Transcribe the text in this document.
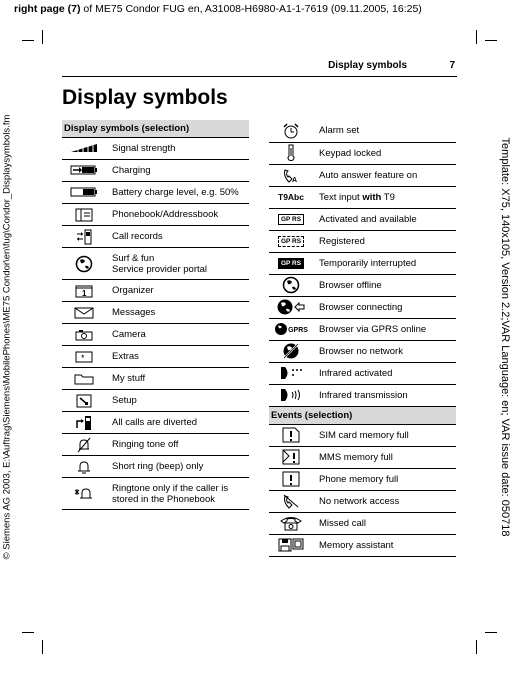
right page (7) of ME75 Condor FUG en, A31008-H6980-A1-1-7619 (09.11.2005, 16:25)
© Siemens AG 2003, E:\Auftrag\Siemens\MobilePhones\ME75 Condor\en\fug\Condor_Displaysymbols.fm	Template: X75, 140x105, Version 2.2;VAR Language: en; VAR issue date: 050718
Display symbols	7
Display symbols
Display symbols (selection)	
	Signal strength
	Charging
	Battery charge level, e.g. 50%
	Phonebook/Addressbook
	Call records
	Surf & fun
Service provider portal

1	Organizer
	Messages
	Camera

*	Extras
	My stuff
	Setup
	All calls are diverted
	Ringing tone off
	Short ring (beep) only
	Ringtone only if the caller is stored in the Phonebook
	Alarm set
	Keypad locked

A	Auto answer feature on
T9Abc	Text input with T9
GP RS	Activated and available
GP RS	Registered
GP RS	Temporarily interrupted
	Browser offline
	Browser connecting
GPRS	Browser via GPRS online
	Browser no network
	Infrared activated
	Infrared transmission
Events (selection)	
	SIM card memory full
	MMS memory full
	Phone memory full
	No network access
	Missed call
	Memory assistant
